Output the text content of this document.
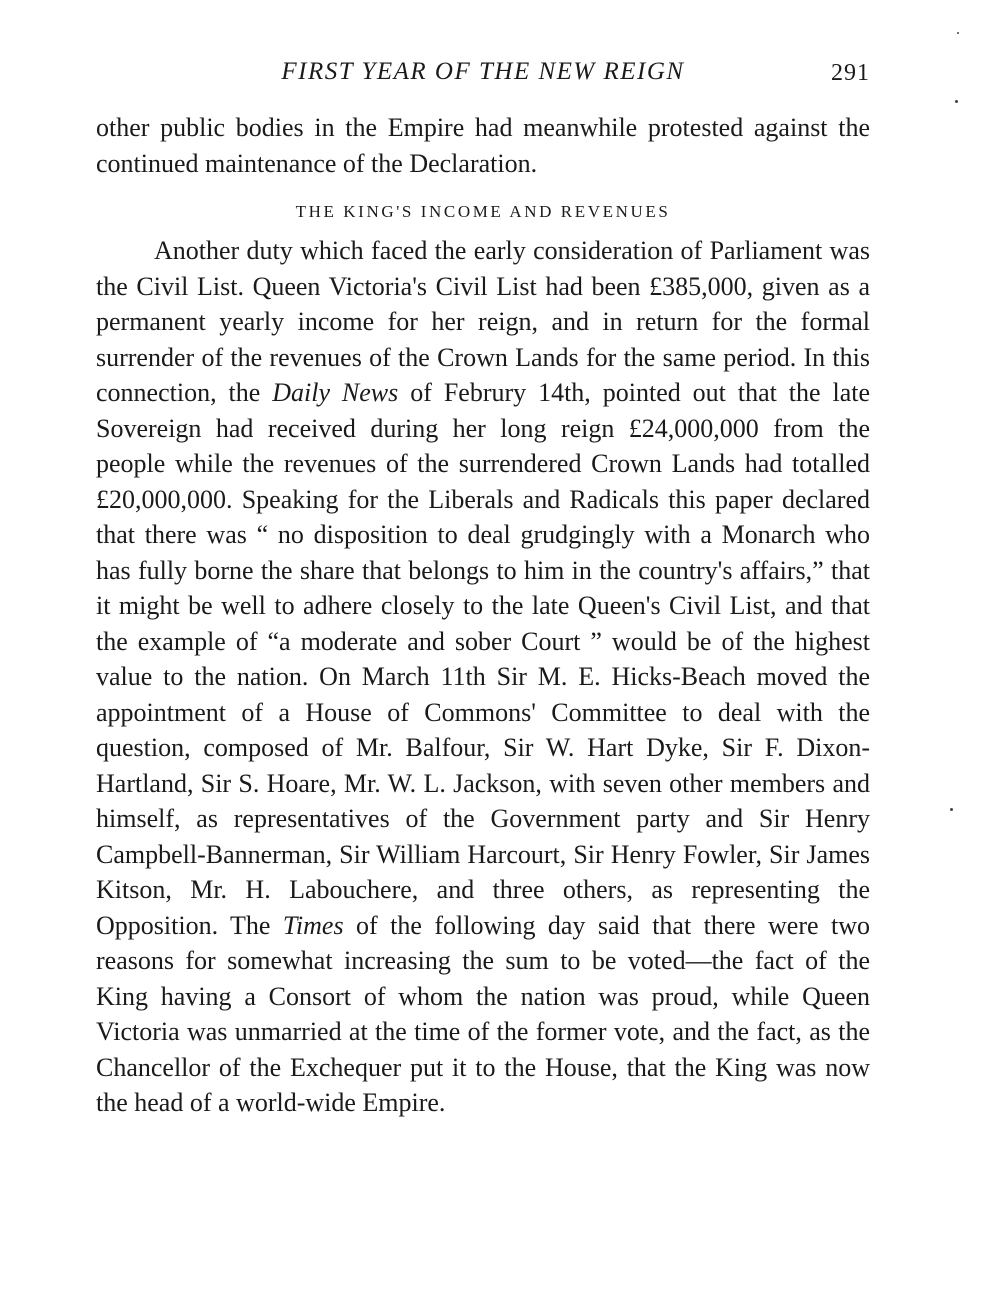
FIRST YEAR OF THE NEW REIGN	291

other public bodies in the Empire had meanwhile protested against the continued maintenance of the Declaration.

THE KING'S INCOME AND REVENUES

Another duty which faced the early consideration of Parliament was the Civil List. Queen Victoria's Civil List had been £385,000, given as a permanent yearly income for her reign, and in return for the formal surrender of the revenues of the Crown Lands for the same period. In this connection, the Daily News of Februry 14th, pointed out that the late Sovereign had received during her long reign £24,000,000 from the people while the revenues of the surrendered Crown Lands had totalled £20,000,000. Speaking for the Liberals and Radicals this paper declared that there was “ no disposition to deal grudgingly with a Monarch who has fully borne the share that belongs to him in the country's affairs,” that it might be well to adhere closely to the late Queen's Civil List, and that the example of “a moderate and sober Court ” would be of the highest value to the nation. On March 11th Sir M. E. Hicks-Beach moved the appointment of a House of Commons' Committee to deal with the question, composed of Mr. Balfour, Sir W. Hart Dyke, Sir F. Dixon-Hartland, Sir S. Hoare, Mr. W. L. Jackson, with seven other members and himself, as representatives of the Government party and Sir Henry Campbell-Bannerman, Sir William Harcourt, Sir Henry Fowler, Sir James Kitson, Mr. H. Labouchere, and three others, as representing the Opposition. The Times of the following day said that there were two reasons for somewhat increasing the sum to be voted—the fact of the King having a Consort of whom the nation was proud, while Queen Victoria was unmarried at the time of the former vote, and the fact, as the Chancellor of the Exchequer put it to the House, that the King was now the head of a world-wide Empire.
